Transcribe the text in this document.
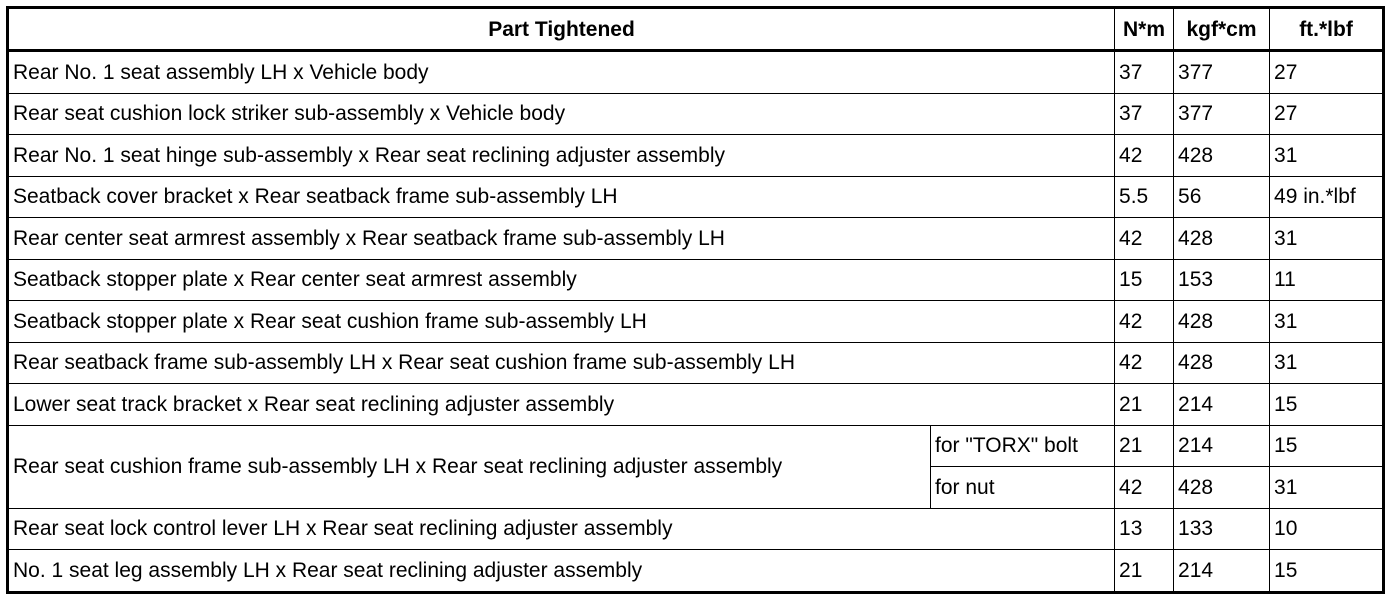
Part Tightened		N*m	kgf*cm	ft.*lbf
Rear No. 1 seat assembly LH x Vehicle body		37	377	27
Rear seat cushion lock striker sub-assembly x Vehicle body		37	377	27
Rear No. 1 seat hinge sub-assembly x Rear seat reclining adjuster assembly		42	428	31
Seatback cover bracket x Rear seatback frame sub-assembly LH		5.5	56	49 in.*lbf
Rear center seat armrest assembly x Rear seatback frame sub-assembly LH		42	428	31
Seatback stopper plate x Rear center seat armrest assembly		15	153	11
Seatback stopper plate x Rear seat cushion frame sub-assembly LH		42	428	31
Rear seatback frame sub-assembly LH x Rear seat cushion frame sub-assembly LH		42	428	31
Lower seat track bracket x Rear seat reclining adjuster assembly		21	214	15
Rear seat cushion frame sub-assembly LH x Rear seat reclining adjuster assembly	for "TORX" bolt	21	214	15
	for nut	42	428	31
Rear seat lock control lever LH x Rear seat reclining adjuster assembly		13	133	10
No. 1 seat leg assembly LH x Rear seat reclining adjuster assembly		21	214	15
